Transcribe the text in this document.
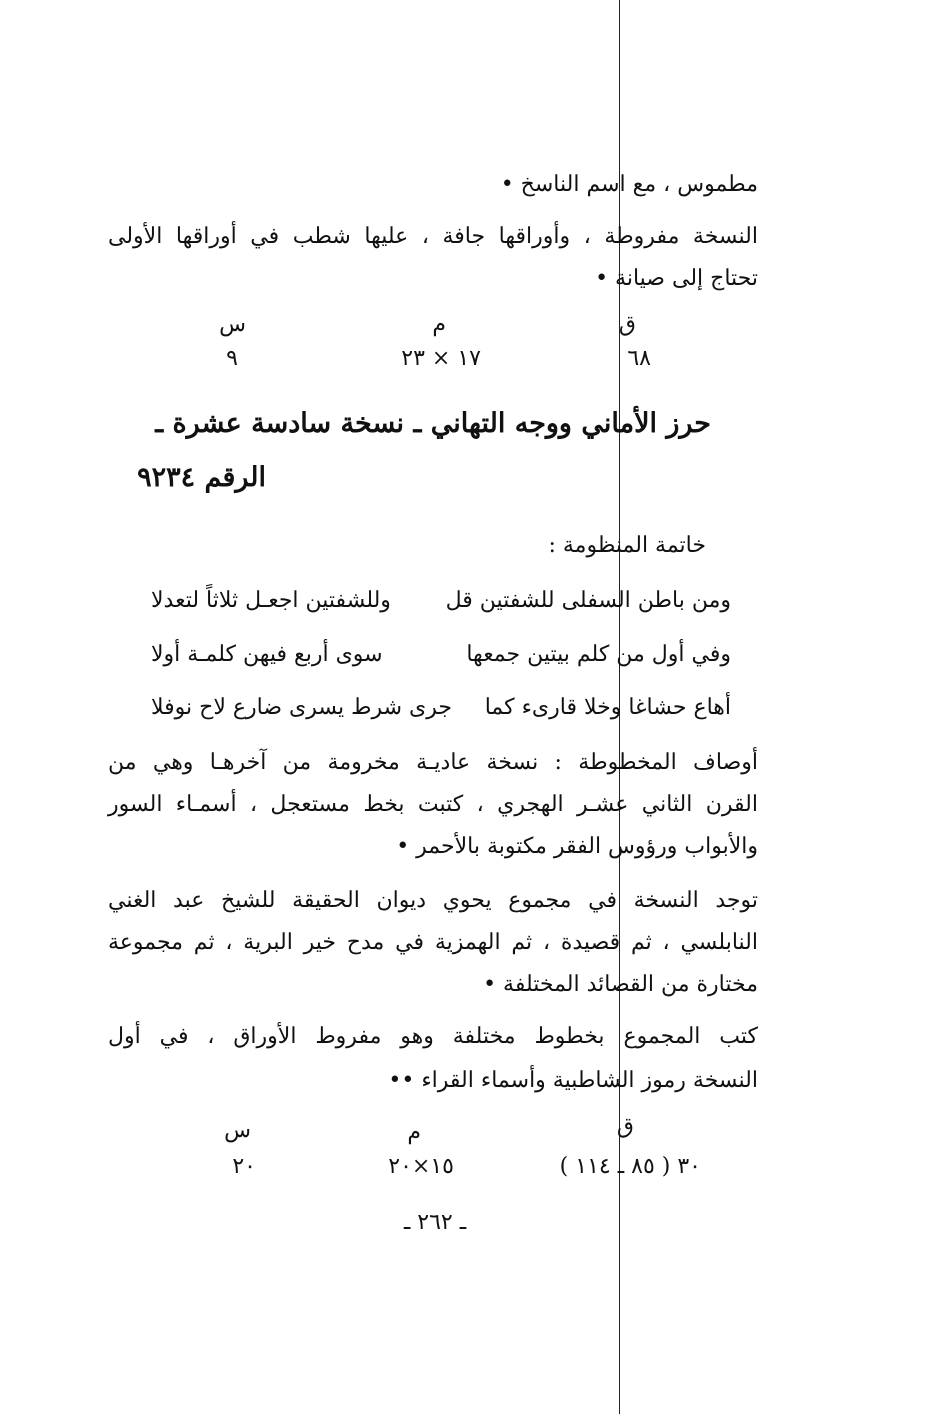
مطموس ، مع اسم الناسخ •
النسخة مفروطة ، وأوراقها جافة ، عليها شطب في أوراقها الأولى
تحتاج إلى صيانة •
ق
م
س
٦٨
١٧ × ٢٣
٩
حرز الأماني ووجه التهاني ـ نسخة سادسة عشرة ـ
الرقم ٩٢٣٤
خاتمة المنظومة :
ومن باطن السفلى للشفتين قل
وللشفتين اجعـل ثلاثاً لتعدلا
وفي أول من كلم بيتين جمعها
سوى أربع فيهن كلمـة أولا
أهاع حشاغا وخلا قارىء كما
جرى شرط يسرى ضارع لاح نوفلا
أوصاف المخطوطة : نسخة عاديـة مخرومة من آخرهـا وهي من
القرن الثاني عشـر الهجري ، كتبت بخط مستعجل ، أسمـاء السور
والأبواب ورؤوس الفقر مكتوبة بالأحمر •
توجد النسخة في مجموع يحوي ديوان الحقيقة للشيخ عبد الغني
النابلسي ، ثم قصيدة ، ثم الهمزية في مدح خير البرية ، ثم مجموعة
مختارة من القصائد المختلفة •
كتب المجموع بخطوط مختلفة وهو مفروط الأوراق ، في أول
النسخة رموز الشاطبية وأسماء القراء ••
ق
م
س
٣٠ ( ٨٥ ـ ١١٤ )
١٥×٢٠
٢٠
ـ ٢٦٢ ـ
